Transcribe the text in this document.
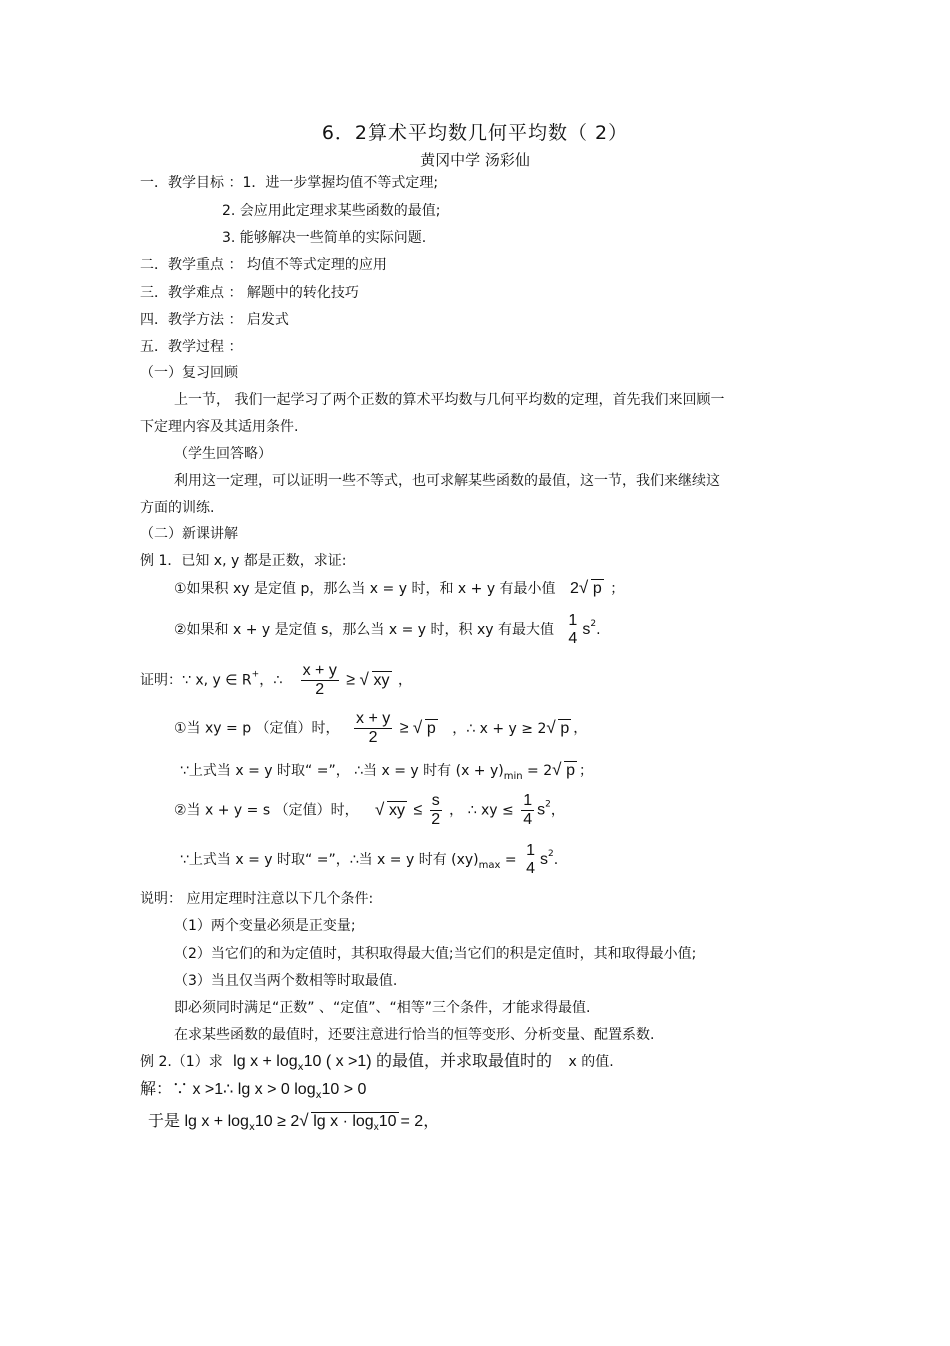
6．2算术平均数几何平均数（ 2）
黄冈中学 汤彩仙
一．教学目标 ：1．进一步掌握均值不等式定理;
2. 会应用此定理求某些函数的最值;
3. 能够解决一些简单的实际问题.
二．教学重点 ： 均值不等式定理的应用
三．教学难点 ： 解题中的转化技巧
四．教学方法 ： 启发式
五．教学过程 ：
（一）复习回顾
上一节， 我们一起学习了两个正数的算术平均数与几何平均数的定理，首先我们来回顾一
下定理内容及其适用条件.
（学生回答略）
利用这一定理，可以证明一些不等式，也可求解某些函数的最值，这一节，我们来继续这
方面的训练.
（二）新课讲解
例 1．已知 x, y 都是正数，求证:
①如果积 xy 是定值 p，那么当 x = y 时，和 x + y 有最小值 2√ p ；
②如果和 x + y 是定值 s，那么当 x = y 时，积 xy 有最大值
1
4
$s^2$.
证明：∵ x, y ∈ R+，∴ $\frac{x + y}{2}$ ≥ √ xy ，
①当 xy = p （定值）时， $\frac{x + y}{2}$ ≥ √ p ，∴ x + y ≥ 2√ p ，
∵上式当 x = y 时取“ =”， ∴当 x = y 时有 $(x + y)_{min} = 2√$ p ；
②当 x + y = s （定值）时， √ xy ≤ $\frac{s}{2}$ ， ∴ xy ≤ $\frac{1}{4} s^2$，
∵上式当 x = y 时取“ =”，∴当 x = y 时有 $(xy)_{max}$ =
1
4
$s^2$.
说明： 应用定理时注意以下几个条件:
（1）两个变量必须是正变量;
（2）当它们的和为定值时，其积取得最大值;当它们的积是定值时，其和取得最小值;
（3）当且仅当两个数相等时取最值.
即必须同时满足“正数” 、“定值”、“相等”三个条件，才能求得最值.
在求某些函数的最值时，还要注意进行恰当的恒等变形、分析变量、配置系数.
例 2.（1）求 $\lg x + \log_x10$ ( x >1) 的最值，并求取最值时的 x 的值.
解：∵ x >1∴ lg x > 0 $\log_x10 > 0$
于是 $\lg x + \log_x10 \ge 2√$ $\lg x \cdot \log_x10 = 2$，
